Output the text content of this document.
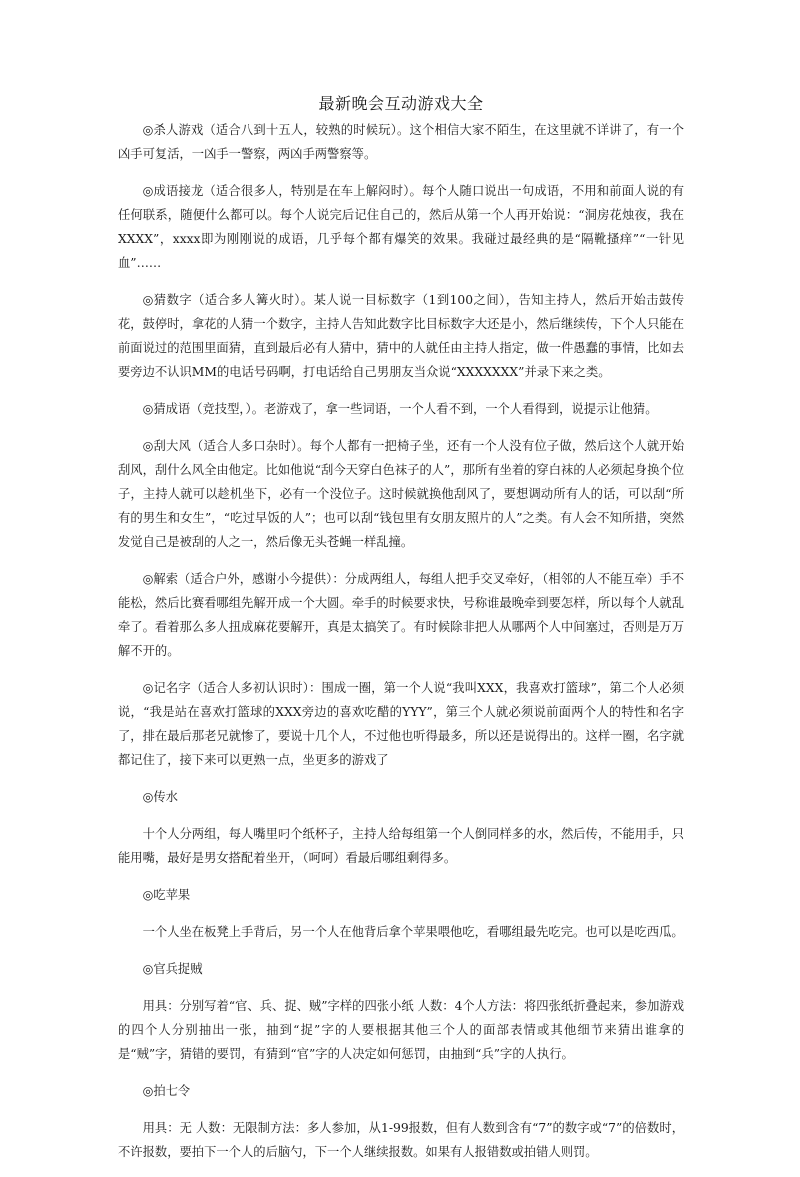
最新晚会互动游戏大全

◎杀人游戏（适合八到十五人，较熟的时候玩）。这个相信大家不陌生，在这里就不详讲了，有一个凶手可复活，一凶手一警察，两凶手两警察等。

◎成语接龙（适合很多人，特别是在车上解闷时）。每个人随口说出一句成语，不用和前面人说的有任何联系，随便什么都可以。每个人说完后记住自己的，然后从第一个人再开始说：“洞房花烛夜，我在XXXX”，xxxx即为刚刚说的成语，几乎每个都有爆笑的效果。我碰过最经典的是“隔靴搔痒”“一针见血”……

◎猜数字（适合多人篝火时）。某人说一目标数字（1到100之间），告知主持人，然后开始击鼓传花，鼓停时，拿花的人猜一个数字，主持人告知此数字比目标数字大还是小，然后继续传，下个人只能在前面说过的范围里面猜，直到最后必有人猜中，猜中的人就任由主持人指定，做一件愚蠢的事情，比如去要旁边不认识MM的电话号码啊，打电话给自己男朋友当众说“XXXXXXX”并录下来之类。

◎猜成语（竞技型，）。老游戏了，拿一些词语，一个人看不到，一个人看得到，说提示让他猜。

◎刮大风（适合人多口杂时）。每个人都有一把椅子坐，还有一个人没有位子做，然后这个人就开始刮风，刮什么风全由他定。比如他说“刮今天穿白色袜子的人”，那所有坐着的穿白袜的人必须起身换个位子，主持人就可以趁机坐下，必有一个没位子。这时候就换他刮风了，要想调动所有人的话，可以刮“所有的男生和女生”，“吃过早饭的人”；也可以刮“钱包里有女朋友照片的人”之类。有人会不知所措，突然发觉自己是被刮的人之一，然后像无头苍蝇一样乱撞。

◎解索（适合户外，感谢小今提供）：分成两组人，每组人把手交叉牵好，（相邻的人不能互牵）手不能松，然后比赛看哪组先解开成一个大圆。牵手的时候要求快，号称谁最晚牵到要怎样，所以每个人就乱牵了。看着那么多人扭成麻花要解开，真是太搞笑了。有时候除非把人从哪两个人中间塞过，否则是万万解不开的。

◎记名字（适合人多初认识时）：围成一圈，第一个人说“我叫XXX，我喜欢打篮球”，第二个人必须说，“我是站在喜欢打篮球的XXX旁边的喜欢吃醋的YYY”，第三个人就必须说前面两个人的特性和名字了，排在最后那老兄就惨了，要说十几个人，不过他也听得最多，所以还是说得出的。这样一圈，名字就都记住了，接下来可以更熟一点，坐更多的游戏了

◎传水

十个人分两组，每人嘴里叼个纸杯子，主持人给每组第一个人倒同样多的水，然后传，不能用手，只能用嘴，最好是男女搭配着坐开，（呵呵）看最后哪组剩得多。

◎吃苹果

一个人坐在板凳上手背后，另一个人在他背后拿个苹果喂他吃，看哪组最先吃完。也可以是吃西瓜。

◎官兵捉贼

用具：分别写着“官、兵、捉、贼”字样的四张小纸 人数：4个人方法：将四张纸折叠起来，参加游戏的四个人分别抽出一张，抽到“捉”字的人要根据其他三个人的面部表情或其他细节来猜出谁拿的是“贼”字，猜错的要罚，有猜到“官”字的人决定如何惩罚，由抽到“兵”字的人执行。

◎拍七令

用具：无 人数：无限制方法：多人参加，从1-99报数，但有人数到含有“7”的数字或“7”的倍数时，不许报数，要拍下一个人的后脑勺，下一个人继续报数。如果有人报错数或拍错人则罚。
